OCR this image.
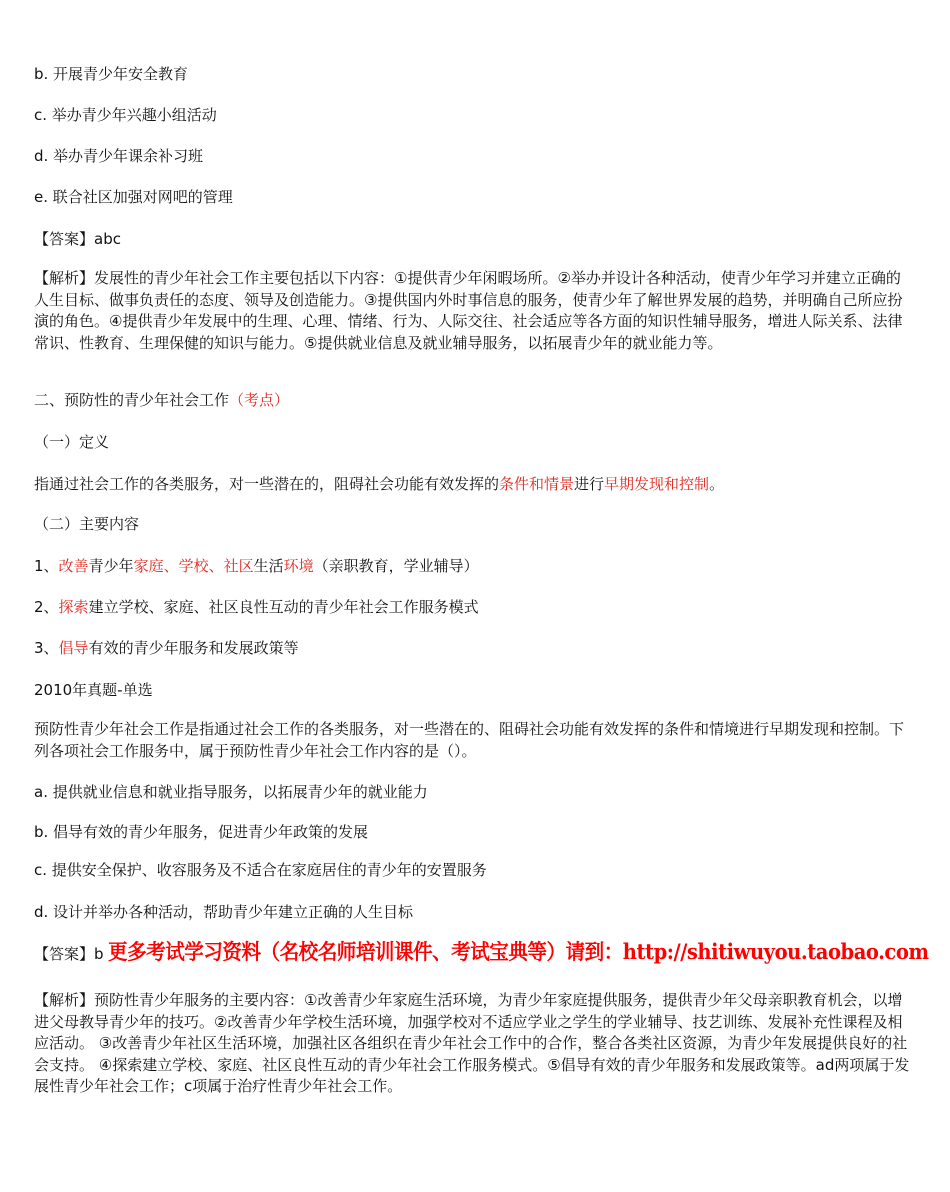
b. 开展青少年安全教育
c. 举办青少年兴趣小组活动
d. 举办青少年课余补习班
e. 联合社区加强对网吧的管理
【答案】abc
【解析】发展性的青少年社会工作主要包括以下内容：①提供青少年闲暇场所。②举办并设计各种活动，使青少年学习并建立正确的人生目标、做事负责任的态度、领导及创造能力。③提供国内外时事信息的服务，使青少年了解世界发展的趋势，并明确自己所应扮演的角色。④提供青少年发展中的生理、心理、情绪、行为、人际交往、社会适应等各方面的知识性辅导服务，增进人际关系、法律常识、性教育、生理保健的知识与能力。⑤提供就业信息及就业辅导服务，以拓展青少年的就业能力等。
二、预防性的青少年社会工作（考点）
（一）定义
指通过社会工作的各类服务，对一些潜在的，阻碍社会功能有效发挥的条件和情景进行早期发现和控制。
（二）主要内容
1、改善青少年家庭、学校、社区生活环境（亲职教育，学业辅导）
2、探索建立学校、家庭、社区良性互动的青少年社会工作服务模式
3、倡导有效的青少年服务和发展政策等
2010年真题-单选
预防性青少年社会工作是指通过社会工作的各类服务，对一些潜在的、阻碍社会功能有效发挥的条件和情境进行早期发现和控制。下列各项社会工作服务中，属于预防性青少年社会工作内容的是（）。
a. 提供就业信息和就业指导服务，以拓展青少年的就业能力
b. 倡导有效的青少年服务，促进青少年政策的发展
c. 提供安全保护、收容服务及不适合在家庭居住的青少年的安置服务
d. 设计并举办各种活动，帮助青少年建立正确的人生目标
【答案】b 更多考试学习资料（名校名师培训课件、考试宝典等）请到：http://shitiwuyou.taobao.com
【解析】预防性青少年服务的主要内容：①改善青少年家庭生活环境，为青少年家庭提供服务，提供青少年父母亲职教育机会，以增进父母教导青少年的技巧。②改善青少年学校生活环境，加强学校对不适应学业之学生的学业辅导、技艺训练、发展补充性课程及相应活动。 ③改善青少年社区生活环境，加强社区各组织在青少年社会工作中的合作，整合各类社区资源，为青少年发展提供良好的社会支持。 ④探索建立学校、家庭、社区良性互动的青少年社会工作服务模式。⑤倡导有效的青少年服务和发展政策等。ad两项属于发展性青少年社会工作；c项属于治疗性青少年社会工作。
